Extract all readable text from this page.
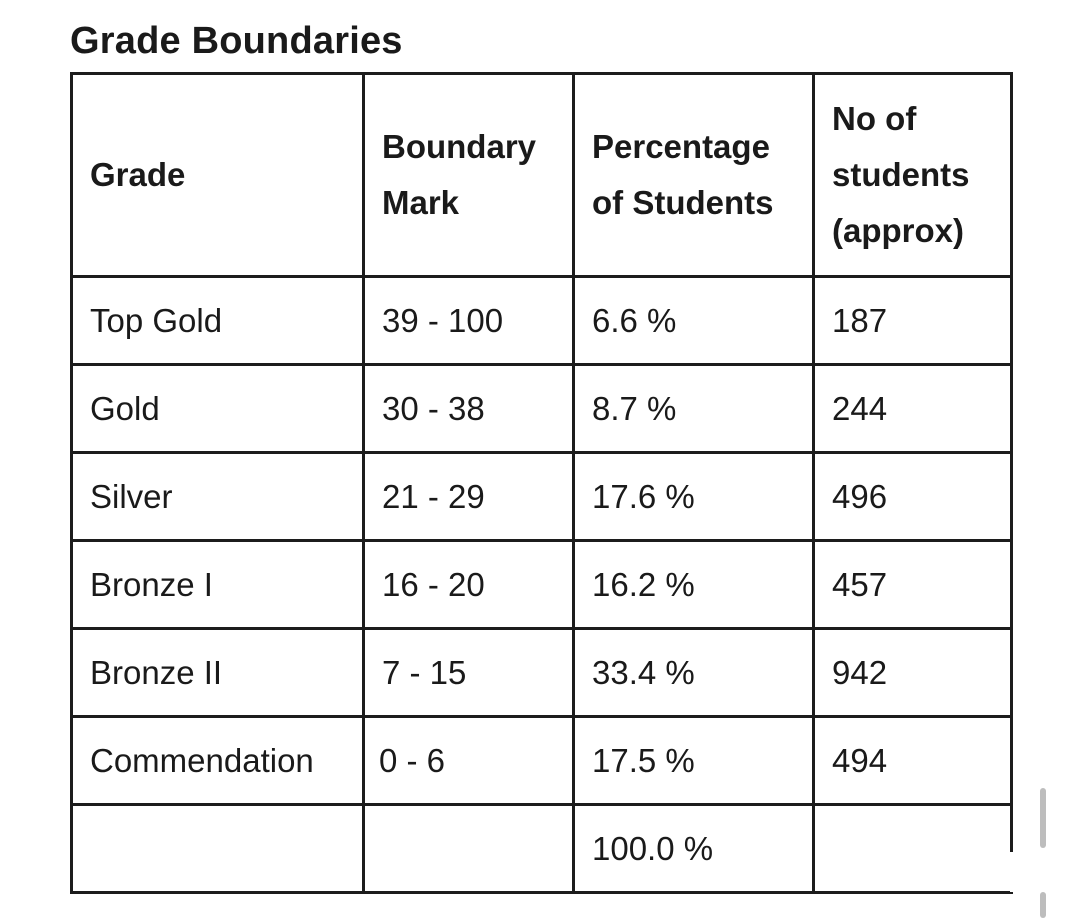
Grade Boundaries
Grade	Boundary Mark	Percentage of Students	No of students (approx)
Top Gold	39 - 100	6.6 %	187
Gold	30 - 38	8.7 %	244
Silver	21 - 29	17.6 %	496
Bronze I	16 - 20	16.2 %	457
Bronze II	7 - 15	33.4 %	942
Commendation	0 - 6	17.5 %	494
		100.0 %	
